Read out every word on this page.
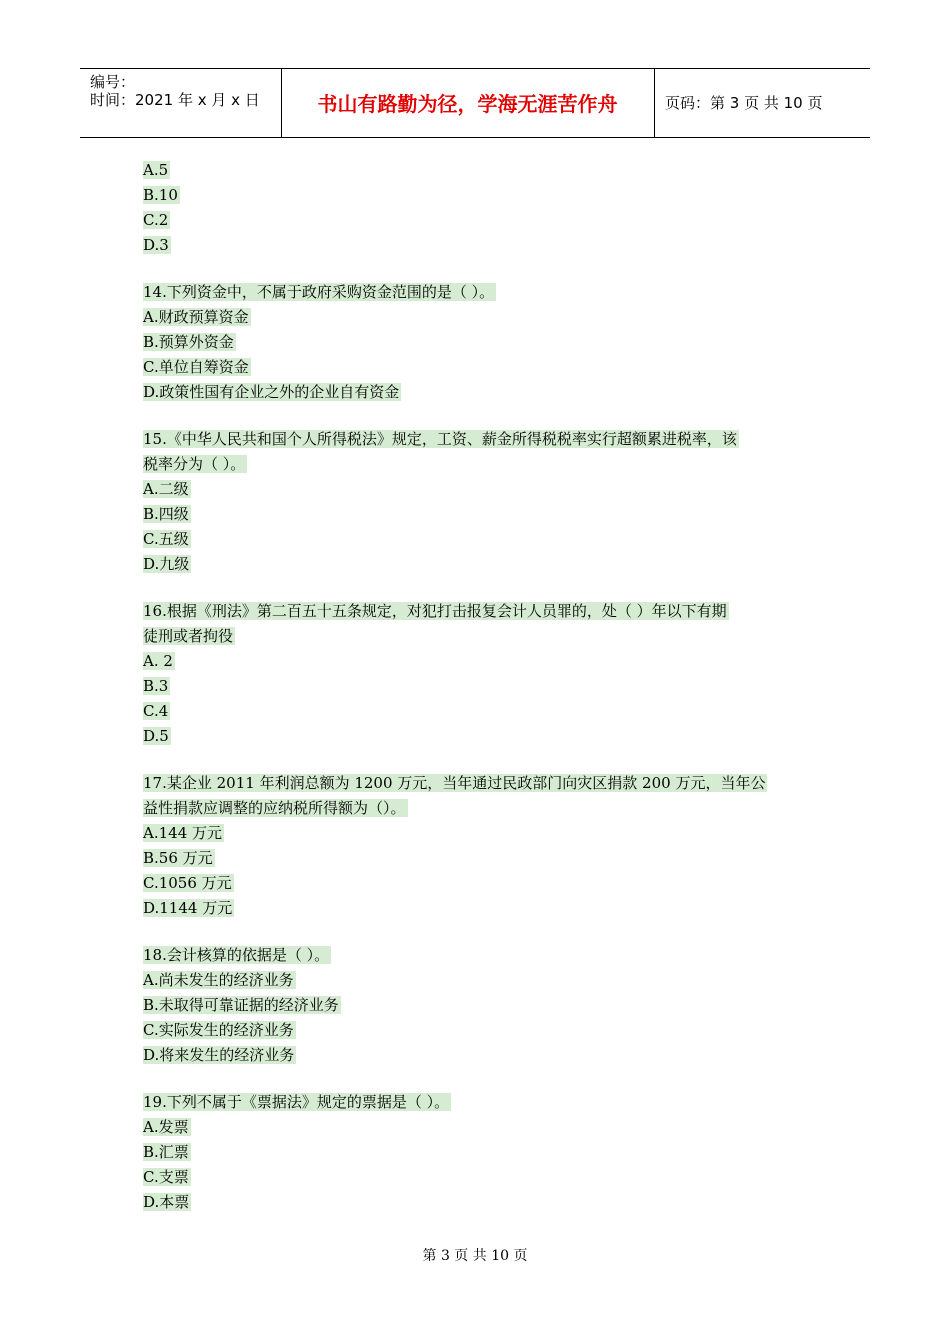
编号：
时间：2021 年 x 月 x 日	书山有路勤为径，学海无涯苦作舟	页码：第 3 页 共 10 页
A.5
B.10
C.2
D.3
14.下列资金中，不属于政府采购资金范围的是（ ）。
A.财政预算资金
B.预算外资金
C.单位自筹资金
D.政策性国有企业之外的企业自有资金
15.《中华人民共和国个人所得税法》规定，工资、薪金所得税税率实行超额累进税率，该
税率分为（ ）。
A.二级
B.四级
C.五级
D.九级
16.根据《刑法》第二百五十五条规定，对犯打击报复会计人员罪的，处（ ）年以下有期
徒刑或者拘役
A. 2
B.3
C.4
D.5
17.某企业 2011 年利润总额为 1200 万元，当年通过民政部门向灾区捐款 200 万元，当年公
益性捐款应调整的应纳税所得额为（）。
A.144 万元
B.56 万元
C.1056 万元
D.1144 万元
18.会计核算的依据是（ ）。
A.尚未发生的经济业务
B.未取得可靠证据的经济业务
C.实际发生的经济业务
D.将来发生的经济业务
19.下列不属于《票据法》规定的票据是（ ）。
A.发票
B.汇票
C.支票
D.本票
第 3 页 共 10 页
